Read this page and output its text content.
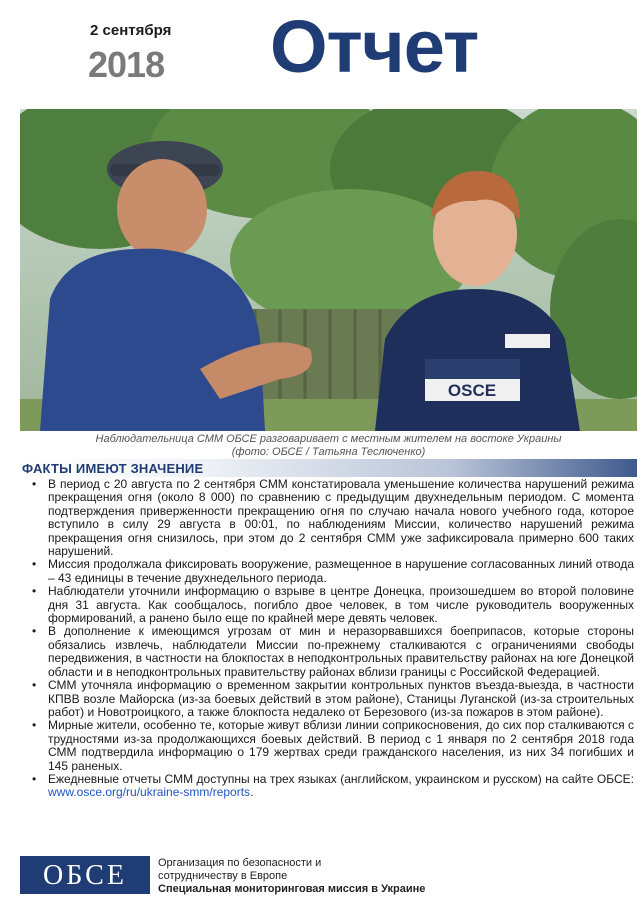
2 сентября
2018 Отчет
OSCE
Наблюдательница СММ ОБСЕ разговаривает с местным жителем на востоке Украины
(фото: ОБСЕ / Татьяна Теслюченко)
ФАКТЫ ИМЕЮТ ЗНАЧЕНИЕ
• В период с 20 августа по 2 сентября СММ констатировала уменьшение количества нарушений режима прекращения огня (около 8 000) по сравнению с предыдущим двухнедельным периодом. С момента подтверждения приверженности прекращению огня по случаю начала нового учебного года, которое вступило в силу 29 августа в 00:01, по наблюдениям Миссии, количество нарушений режима прекращения огня снизилось, при этом до 2 сентября СММ уже зафиксировала примерно 600 таких нарушений.
• Миссия продолжала фиксировать вооружение, размещенное в нарушение согласованных линий отвода – 43 единицы в течение двухнедельного периода.
• Наблюдатели уточнили информацию о взрыве в центре Донецка, произошедшем во второй половине дня 31 августа. Как сообщалось, погибло двое человек, в том числе руководитель вооруженных формирований, а ранено было еще по крайней мере девять человек.
• В дополнение к имеющимся угрозам от мин и неразорвавшихся боеприпасов, которые стороны обязались извлечь, наблюдатели Миссии по-прежнему сталкиваются с ограничениями свободы передвижения, в частности на блокпостах в неподконтрольных правительству районах на юге Донецкой области и в неподконтрольных правительству районах вблизи границы с Российской Федерацией.
• СММ уточняла информацию о временном закрытии контрольных пунктов въезда-выезда, в частности КПВВ возле Майорска (из-за боевых действий в этом районе), Станицы Луганской (из-за строительных работ) и Новотроицкого, а также блокпоста недалеко от Березового (из-за пожаров в этом районе).
• Мирные жители, особенно те, которые живут вблизи линии соприкосновения, до сих пор сталкиваются с трудностями из-за продолжающихся боевых действий. В период с 1 января по 2 сентября 2018 года СММ подтвердила информацию о 179 жертвах среди гражданского населения, из них 34 погибших и 145 раненых.
• Ежедневные отчеты СММ доступны на трех языках (английском, украинском и русском) на сайте ОБСЕ: www.osce.org/ru/ukraine-smm/reports.
ОБСЕ	Организация по безопасности и
сотрудничеству в Европе
Специальная мониторинговая миссия в Украине
